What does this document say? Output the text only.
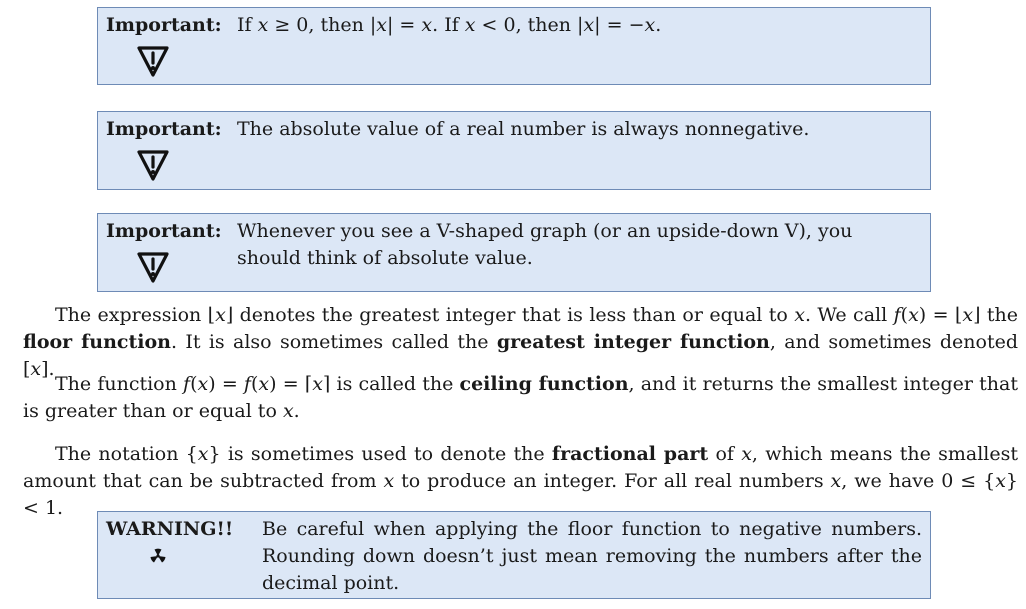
Important: If x ≥ 0, then |x| = x. If x < 0, then |x| = −x.
Important: The absolute value of a real number is always nonnegative.
Important: Whenever you see a V-shaped graph (or an upside-down V), you should think of absolute value.
The expression ⌊x⌋ denotes the greatest integer that is less than or equal to x. We call f(x) = ⌊x⌋ the floor function. It is also sometimes called the greatest integer function, and sometimes denoted [x].
The function f(x) = f(x) = ⌈x⌉ is called the ceiling function, and it returns the smallest integer that is greater than or equal to x.
The notation {x} is sometimes used to denote the fractional part of x, which means the smallest amount that can be subtracted from x to produce an integer. For all real numbers x, we have 0 ≤ {x} < 1.
WARNING!! Be careful when applying the floor function to negative numbers. Rounding down doesn’t just mean removing the numbers after the decimal point.
